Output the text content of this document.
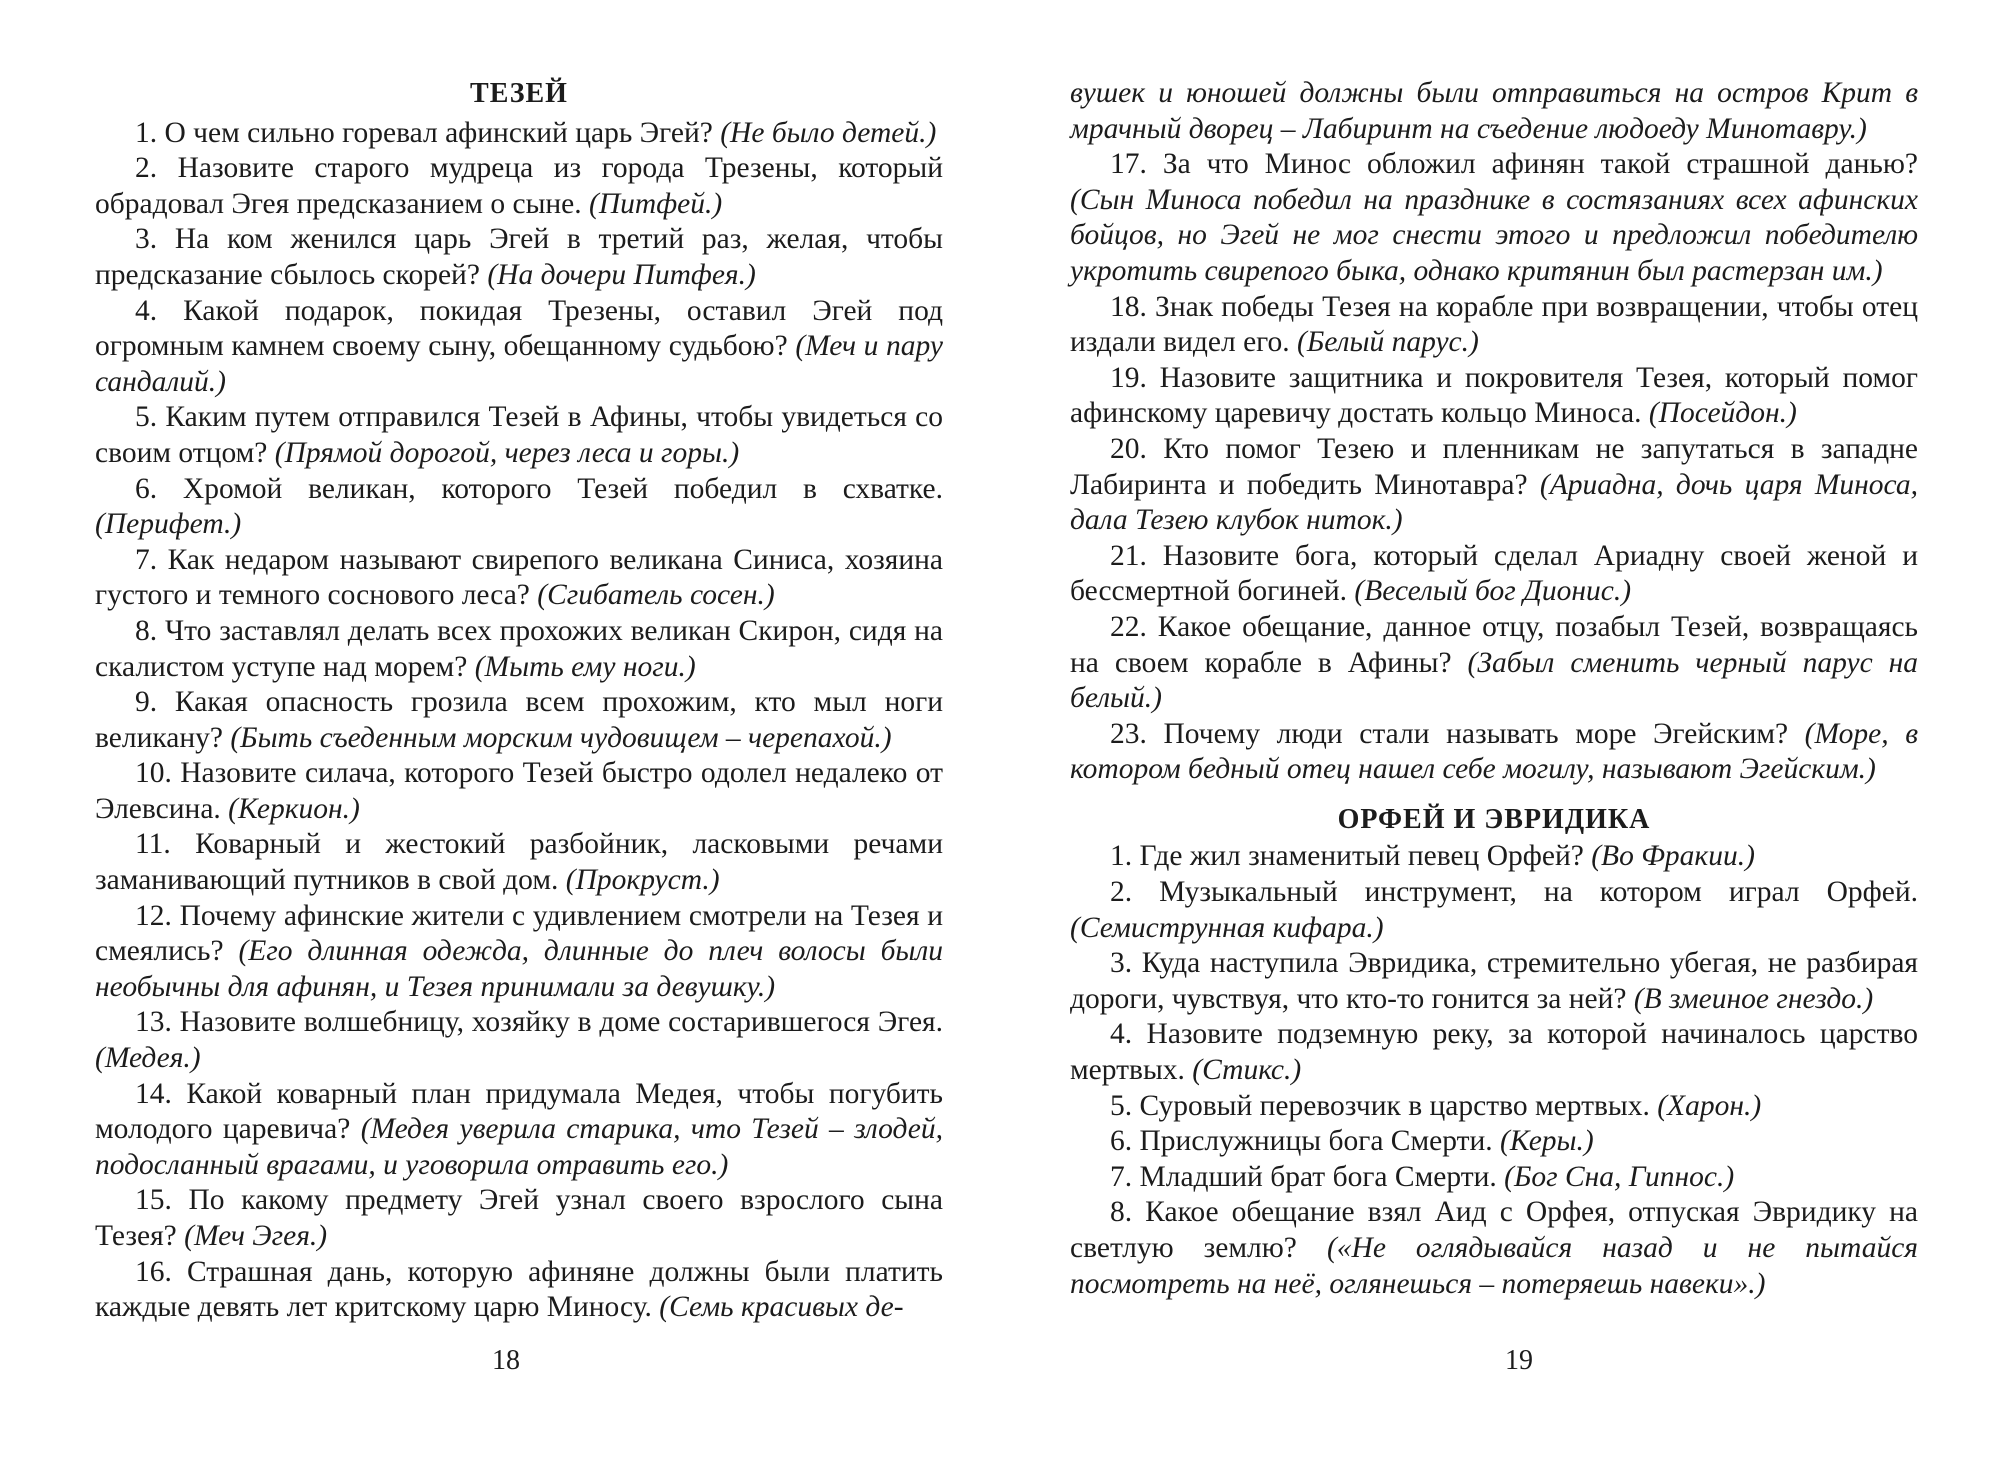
ТЕЗЕЙ

1. О чем сильно горевал афинский царь Эгей? (Не было детей.)

2. Назовите старого мудреца из города Трезены, который обрадовал Эгея предсказанием о сыне. (Питфей.)

3. На ком женился царь Эгей в третий раз, желая, чтобы предсказание сбылось скорей? (На дочери Питфея.)

4. Какой подарок, покидая Трезены, оставил Эгей под огромным камнем своему сыну, обещанному судьбою? (Меч и пару сандалий.)

5. Каким путем отправился Тезей в Афины, чтобы увидеться со своим отцом? (Прямой дорогой, через леса и горы.)

6. Хромой великан, которого Тезей победил в схватке. (Перифет.)

7. Как недаром называют свирепого великана Синиса, хозяина густого и темного соснового леса? (Сгибатель сосен.)

8. Что заставлял делать всех прохожих великан Скирон, сидя на скалистом уступе над морем? (Мыть ему ноги.)

9. Какая опасность грозила всем прохожим, кто мыл ноги великану? (Быть съеденным морским чудовищем – черепахой.)

10. Назовите силача, которого Тезей быстро одолел недалеко от Элевсина. (Керкион.)

11. Коварный и жестокий разбойник, ласковыми речами заманивающий путников в свой дом. (Прокруст.)

12. Почему афинские жители с удивлением смотрели на Тезея и смеялись? (Его длинная одежда, длинные до плеч волосы были необычны для афинян, и Тезея принимали за девушку.)

13. Назовите волшебницу, хозяйку в доме состарившегося Эгея. (Медея.)

14. Какой коварный план придумала Медея, чтобы погубить молодого царевича? (Медея уверила старика, что Тезей – злодей, подосланный врагами, и уговорила отравить его.)

15. По какому предмету Эгей узнал своего взрослого сына Тезея? (Меч Эгея.)

16. Страшная дань, которую афиняне должны были платить каждые девять лет критскому царю Миносу. (Семь красивых де-

18

вушек и юношей должны были отправиться на остров Крит в мрачный дворец – Лабиринт на съедение людоеду Минотавру.)

17. За что Минос обложил афинян такой страшной данью? (Сын Миноса победил на празднике в состязаниях всех афинских бойцов, но Эгей не мог снести этого и предложил победителю укротить свирепого быка, однако критянин был растерзан им.)

18. Знак победы Тезея на корабле при возвращении, чтобы отец издали видел его. (Белый парус.)

19. Назовите защитника и покровителя Тезея, который помог афинскому царевичу достать кольцо Миноса. (Посейдон.)

20. Кто помог Тезею и пленникам не запутаться в западне Лабиринта и победить Минотавра? (Ариадна, дочь царя Миноса, дала Тезею клубок ниток.)

21. Назовите бога, который сделал Ариадну своей женой и бессмертной богиней. (Веселый бог Дионис.)

22. Какое обещание, данное отцу, позабыл Тезей, возвращаясь на своем корабле в Афины? (Забыл сменить черный парус на белый.)

23. Почему люди стали называть море Эгейским? (Море, в котором бедный отец нашел себе могилу, называют Эгейским.)

ОРФЕЙ И ЭВРИДИКА

1. Где жил знаменитый певец Орфей? (Во Фракии.)

2. Музыкальный инструмент, на котором играл Орфей. (Семиструнная кифара.)

3. Куда наступила Эвридика, стремительно убегая, не разбирая дороги, чувствуя, что кто-то гонится за ней? (В змеиное гнездо.)

4. Назовите подземную реку, за которой начиналось царство мертвых. (Стикс.)

5. Суровый перевозчик в царство мертвых. (Харон.)

6. Прислужницы бога Смерти. (Керы.)

7. Младший брат бога Смерти. (Бог Сна, Гипнос.)

8. Какое обещание взял Аид с Орфея, отпуская Эвридику на светлую землю? («Не оглядывайся назад и не пытайся посмотреть на неё, оглянешься – потеряешь навеки».)

19
